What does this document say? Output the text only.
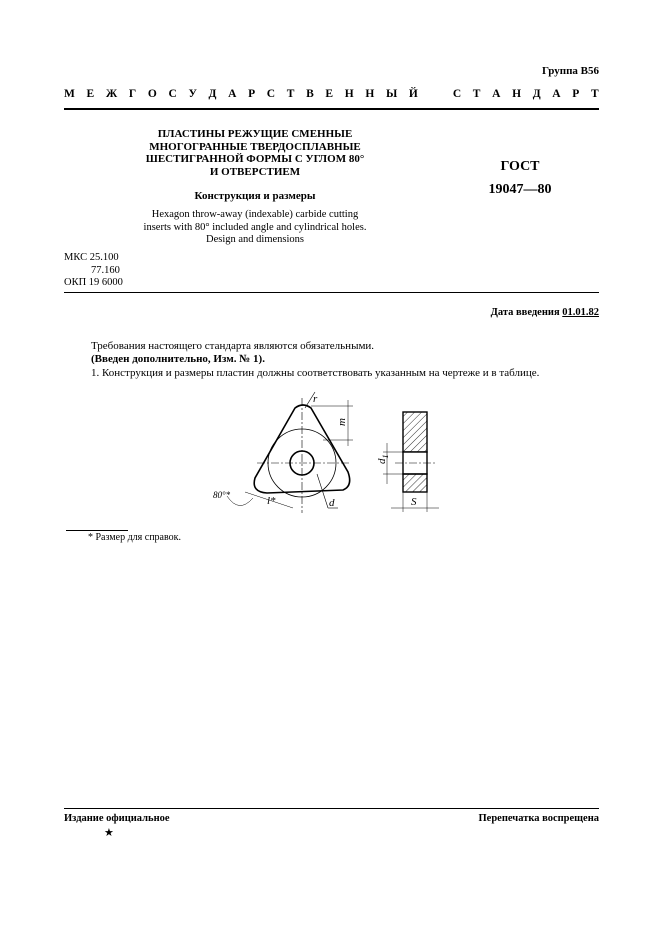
Группа В56
М Е Ж Г О С У Д А Р С Т В Е Н Н Ы Й	С Т А Н Д А Р Т
ПЛАСТИНЫ РЕЖУЩИЕ СМЕННЫЕ
МНОГОГРАННЫЕ ТВЕРДОСПЛАВНЫЕ
ШЕСТИГРАННОЙ ФОРМЫ С УГЛОМ 80°
И ОТВЕРСТИЕМ
Конструкция и размеры
Hexagon throw-away (indexable) carbide cutting
inserts with 80° included angle and cylindrical holes.
Design and dimensions
ГОСТ
19047—80
МКС 25.100
77.160
ОКП 19 6000
Дата введения 01.01.82
Требования настоящего стандарта являются обязательными.
(Введен дополнительно, Изм. № 1).
1. Конструкция и размеры пластин должны соответствовать указанным на чертеже и в таблице.
r
m
80°*	l*	d
$d_1$
S
* Размер для справок.
Издание официальное	Перепечатка воспрещена
★
